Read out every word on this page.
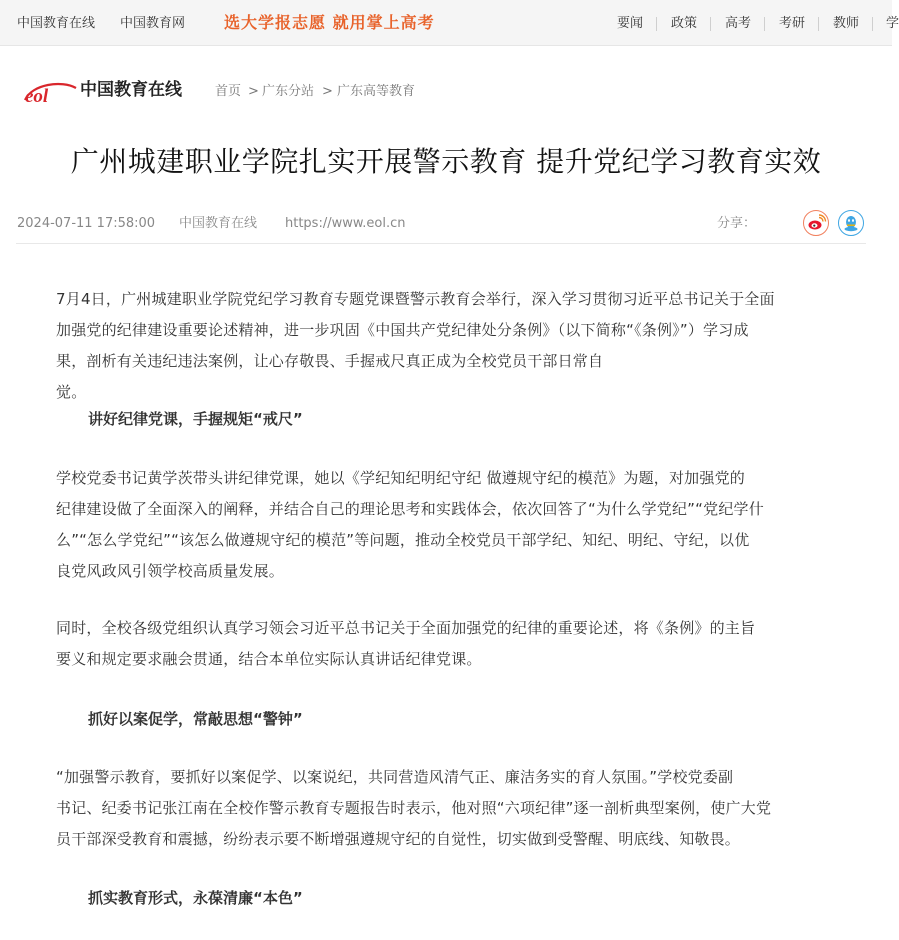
中国教育在线 中国教育网 选大学报志愿 就用掌上高考	要闻 政策 高考 考研 教师 学
eol 中国教育在线	首页 > 广东分站 > 广东高等教育
广州城建职业学院扎实开展警示教育 提升党纪学习教育实效
2024-07-11 17:58:00 中国教育在线 https://www.eol.cn	分享：
7月4日，广州城建职业学院党纪学习教育专题党课暨警示教育会举行，深入学习贯彻习近平总书记关于全面
加强党的纪律建设重要论述精神，进一步巩固《中国共产党纪律处分条例》（以下简称“《条例》”）学习成
果，剖析有关违纪违法案例，让心存敬畏、手握戒尺真正成为全校党员干部日常自
觉。
讲好纪律党课，手握规矩“戒尺”
学校党委书记黄学茨带头讲纪律党课，她以《学纪知纪明纪守纪 做遵规守纪的模范》为题，对加强党的
纪律建设做了全面深入的阐释，并结合自己的理论思考和实践体会，依次回答了“为什么学党纪”“党纪学什
么”“怎么学党纪”“该怎么做遵规守纪的模范”等问题，推动全校党员干部学纪、知纪、明纪、守纪，以优
良党风政风引领学校高质量发展。
同时，全校各级党组织认真学习领会习近平总书记关于全面加强党的纪律的重要论述，将《条例》的主旨
要义和规定要求融会贯通，结合本单位实际认真讲话纪律党课。
抓好以案促学，常敲思想“警钟”
“加强警示教育，要抓好以案促学、以案说纪，共同营造风清气正、廉洁务实的育人氛围。”学校党委副
书记、纪委书记张江南在全校作警示教育专题报告时表示，他对照“六项纪律”逐一剖析典型案例，使广大党
员干部深受教育和震撼，纷纷表示要不断增强遵规守纪的自觉性，切实做到受警醒、明底线、知敬畏。
抓实教育形式，永葆清廉“本色”
